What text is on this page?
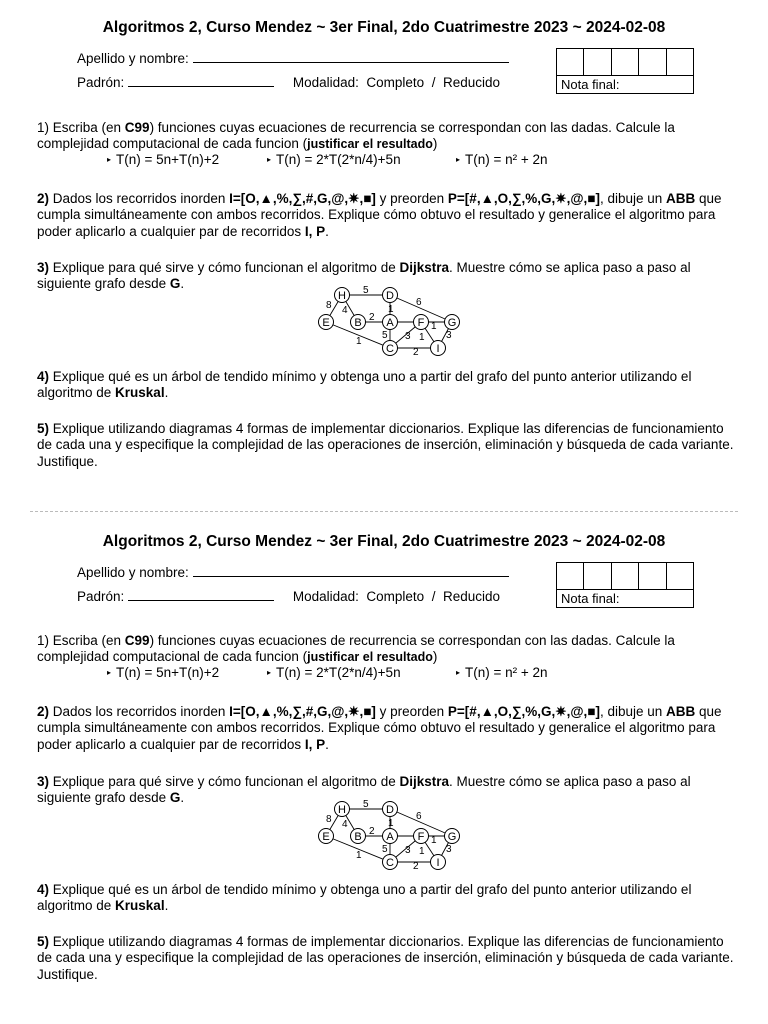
Algoritmos 2, Curso Mendez ~ 3er Final, 2do Cuatrimestre 2023 ~ 2024-02-08
Apellido y nombre:
Padrón:	Modalidad: Completo / Reducido	Nota final:
1) Escriba (en C99) funciones cuyas ecuaciones de recurrencia se correspondan con las dadas. Calcule la complejidad computacional de cada funcion (justificar el resultado)
▸ T(n) = 5n+T(n)+2	▸ T(n) = 2*T(2*n/4)+5n	▸ T(n) = n² + 2n
2) Dados los recorridos inorden I=[O,▲,%,∑,#,G,@,✷,■] y preorden P=[#,▲,O,∑,%,G,✷,@,■], dibuje un ABB que cumpla simultáneamente con ambos recorridos. Explique cómo obtuvo el resultado y generalice el algoritmo para poder aplicarlo a cualquier par de recorridos I, P.
3) Explique para qué sirve y cómo funcionan el algoritmo de Dijkstra. Muestre cómo se aplica paso a paso al siguiente grafo desde G.	5
8 4
6
2
1
5
1	3
1
2
3
1
H	D
E B A F G
C	I
4) Explique qué es un árbol de tendido mínimo y obtenga uno a partir del grafo del punto anterior utilizando el algoritmo de Kruskal.
5) Explique utilizando diagramas 4 formas de implementar diccionarios. Explique las diferencias de funcionamiento de cada una y especifique la complejidad de las operaciones de inserción, eliminación y búsqueda de cada variante. Justifique.
Algoritmos 2, Curso Mendez ~ 3er Final, 2do Cuatrimestre 2023 ~ 2024-02-08
Apellido y nombre:
Padrón:	Modalidad: Completo / Reducido	Nota final:
1) Escriba (en C99) funciones cuyas ecuaciones de recurrencia se correspondan con las dadas. Calcule la complejidad computacional de cada funcion (justificar el resultado)
▸ T(n) = 5n+T(n)+2	▸ T(n) = 2*T(2*n/4)+5n	▸ T(n) = n² + 2n
2) Dados los recorridos inorden I=[O,▲,%,∑,#,G,@,✷,■] y preorden P=[#,▲,O,∑,%,G,✷,@,■], dibuje un ABB que cumpla simultáneamente con ambos recorridos. Explique cómo obtuvo el resultado y generalice el algoritmo para poder aplicarlo a cualquier par de recorridos I, P.
3) Explique para qué sirve y cómo funcionan el algoritmo de Dijkstra. Muestre cómo se aplica paso a paso al siguiente grafo desde G.	5
8 4
6
2
1
5
1	3
1
2
3
1
H	D
E B A F G
C	I
4) Explique qué es un árbol de tendido mínimo y obtenga uno a partir del grafo del punto anterior utilizando el algoritmo de Kruskal.
5) Explique utilizando diagramas 4 formas de implementar diccionarios. Explique las diferencias de funcionamiento de cada una y especifique la complejidad de las operaciones de inserción, eliminación y búsqueda de cada variante. Justifique.
